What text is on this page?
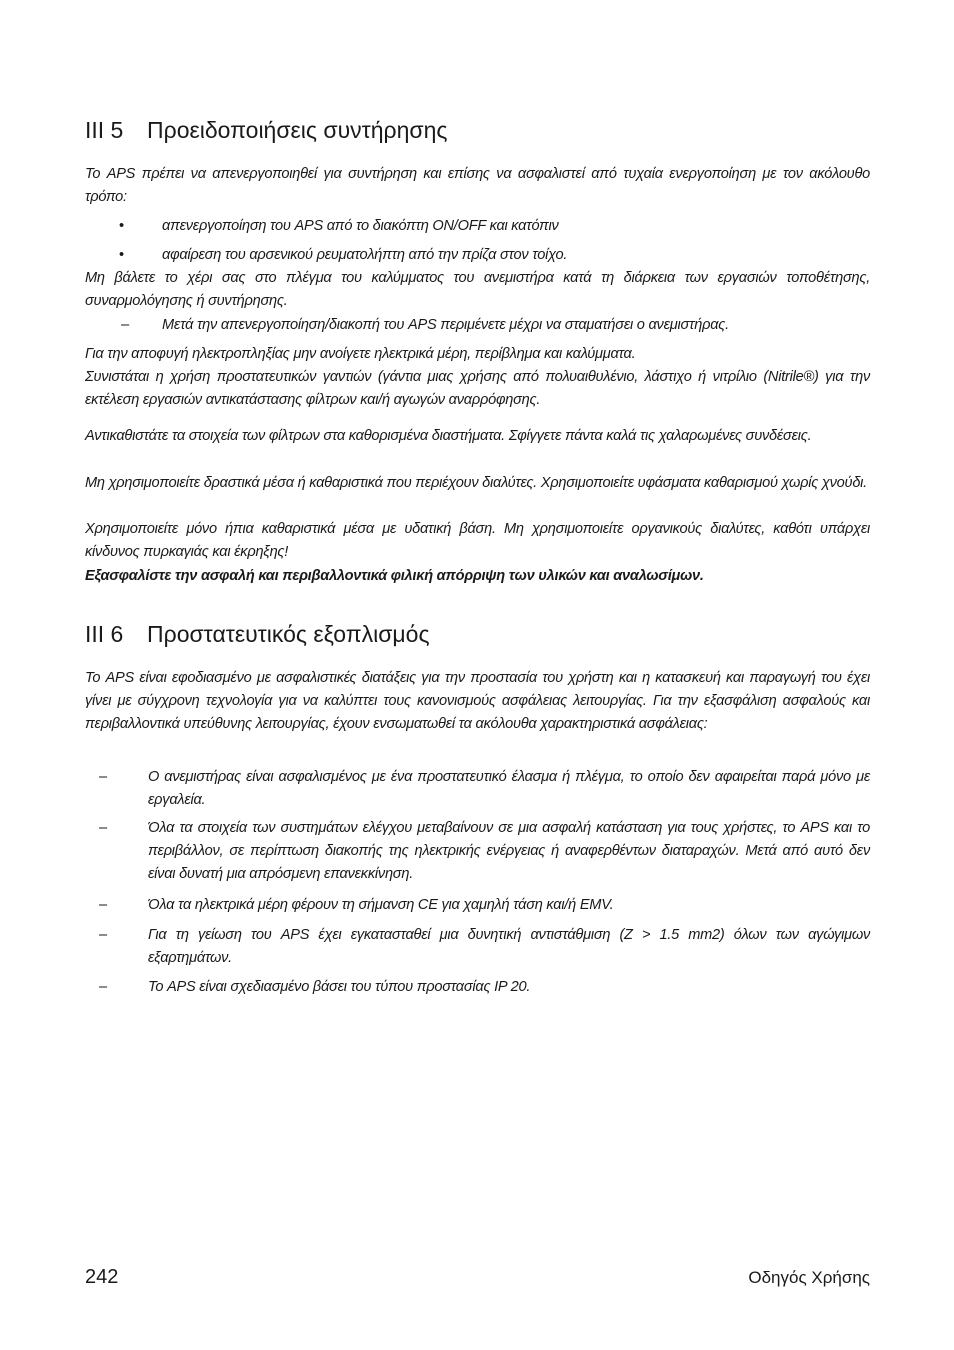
III 5 Προειδοποιήσεις συντήρησης

Το APS πρέπει να απενεργοποιηθεί για συντήρηση και επίσης να ασφαλιστεί από τυχαία ενεργοποίηση με τον ακόλουθο τρόπο:

•	απενεργοποίηση του APS από το διακόπτη ON/OFF και κατόπιν
•	αφαίρεση του αρσενικού ρευματολήπτη από την πρίζα στον τοίχο.

Μη βάλετε το χέρι σας στο πλέγμα του καλύμματος του ανεμιστήρα κατά τη διάρκεια των εργασιών τοποθέτησης, συναρμολόγησης ή συντήρησης.

– Μετά την απενεργοποίηση/διακοπή του APS περιμένετε μέχρι να σταματήσει ο ανεμιστήρας.

Για την αποφυγή ηλεκτροπληξίας μην ανοίγετε ηλεκτρικά μέρη, περίβλημα και καλύμματα.

Συνιστάται η χρήση προστατευτικών γαντιών (γάντια μιας χρήσης από πολυαιθυλένιο, λάστιχο ή νιτρίλιο (Nitrile®) για την εκτέλεση εργασιών αντικατάστασης φίλτρων και/ή αγωγών αναρρόφησης.

Αντικαθιστάτε τα στοιχεία των φίλτρων στα καθορισμένα διαστήματα. Σφίγγετε πάντα καλά τις χαλαρωμένες συνδέσεις.

Μη χρησιμοποιείτε δραστικά μέσα ή καθαριστικά που περιέχουν διαλύτες. Χρησιμοποιείτε υφάσματα καθαρισμού χωρίς χνούδι.

Χρησιμοποιείτε μόνο ήπια καθαριστικά μέσα με υδατική βάση. Μη χρησιμοποιείτε οργανικούς διαλύτες, καθότι υπάρχει κίνδυνος πυρκαγιάς και έκρηξης!

Εξασφαλίστε την ασφαλή και περιβαλλοντικά φιλική απόρριψη των υλικών και αναλωσίμων.

III 6 Προστατευτικός εξοπλισμός

Το APS είναι εφοδιασμένο με ασφαλιστικές διατάξεις για την προστασία του χρήστη και η κατασκευή και παραγωγή του έχει γίνει με σύγχρονη τεχνολογία για να καλύπτει τους κανονισμούς ασφάλειας λειτουργίας. Για την εξασφάλιση ασφαλούς και περιβαλλοντικά υπεύθυνης λειτουργίας, έχουν ενσωματωθεί τα ακόλουθα χαρακτηριστικά ασφάλειας:

–	Ο ανεμιστήρας είναι ασφαλισμένος με ένα προστατευτικό έλασμα ή πλέγμα, το οποίο δεν αφαιρείται παρά μόνο με εργαλεία.
–	Όλα τα στοιχεία των συστημάτων ελέγχου μεταβαίνουν σε μια ασφαλή κατάσταση για τους χρήστες, το APS και το περιβάλλον, σε περίπτωση διακοπής της ηλεκτρικής ενέργειας ή αναφερθέντων διαταραχών. Μετά από αυτό δεν είναι δυνατή μια απρόσμενη επανεκκίνηση.
–	Όλα τα ηλεκτρικά μέρη φέρουν τη σήμανση CE για χαμηλή τάση και/ή EMV.
–	Για τη γείωση του APS έχει εγκατασταθεί μια δυνητική αντιστάθμιση (Z > 1.5 mm2) όλων των αγώγιμων εξαρτημάτων.
–	Το APS είναι σχεδιασμένο βάσει του τύπου προστασίας IP 20.
242	Οδηγός Χρήσης
